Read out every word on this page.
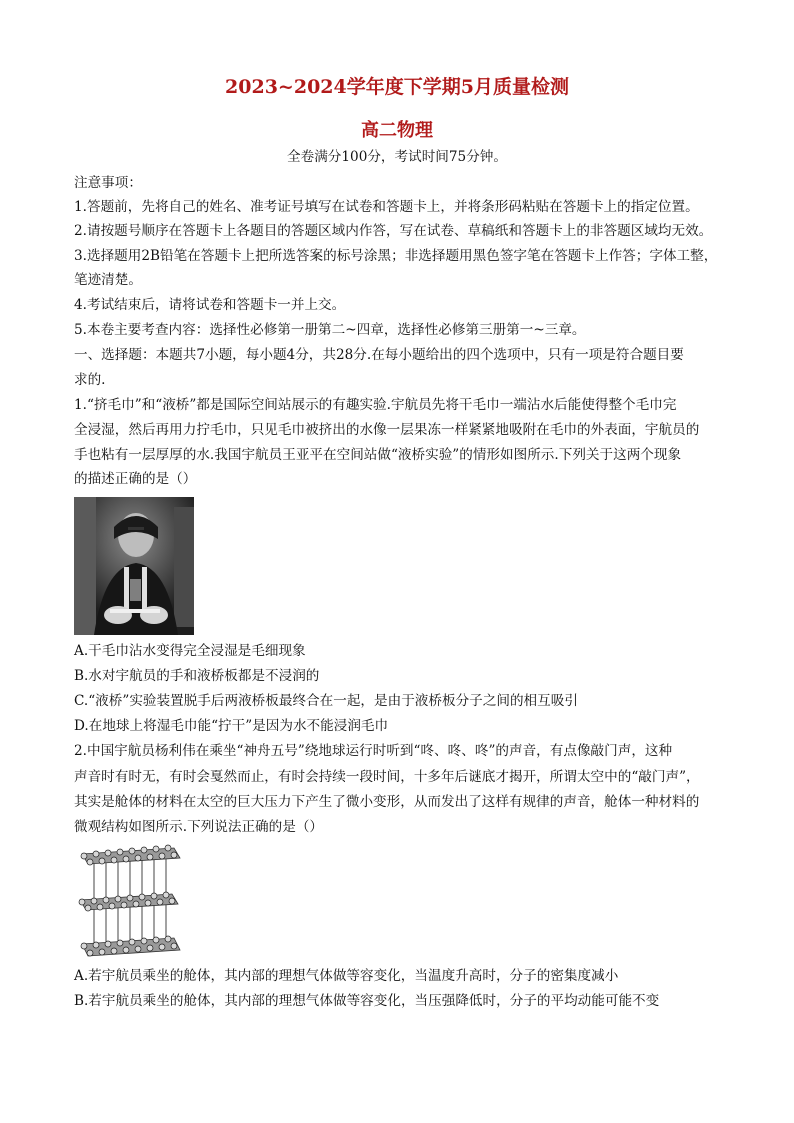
2023~2024学年度下学期5月质量检测
高二物理
全卷满分100分，考试时间75分钟。
注意事项：
1.答题前，先将自己的姓名、准考证号填写在试卷和答题卡上，并将条形码粘贴在答题卡上的指定位置。
2.请按题号顺序在答题卡上各题目的答题区域内作答，写在试卷、草稿纸和答题卡上的非答题区域均无效。
3.选择题用2B铅笔在答题卡上把所选答案的标号涂黑；非选择题用黑色签字笔在答题卡上作答；字体工整，
笔迹清楚。
4.考试结束后，请将试卷和答题卡一并上交。
5.本卷主要考查内容：选择性必修第一册第二~四章，选择性必修第三册第一~三章。
一、选择题：本题共7小题，每小题4分，共28分.在每小题给出的四个选项中，只有一项是符合题目要
求的.
1.“挤毛巾”和“液桥”都是国际空间站展示的有趣实验.宇航员先将干毛巾一端沾水后能使得整个毛巾完
全浸湿，然后再用力拧毛巾，只见毛巾被挤出的水像一层果冻一样紧紧地吸附在毛巾的外表面，宇航员的
手也粘有一层厚厚的水.我国宇航员王亚平在空间站做“液桥实验”的情形如图所示.下列关于这两个现象
的描述正确的是（）
A.干毛巾沾水变得完全浸湿是毛细现象
B.水对宇航员的手和液桥板都是不浸润的
C.“液桥”实验装置脱手后两液桥板最终合在一起，是由于液桥板分子之间的相互吸引
D.在地球上将湿毛巾能“拧干”是因为水不能浸润毛巾
2.中国宇航员杨利伟在乘坐“神舟五号”绕地球运行时听到“咚、咚、咚”的声音，有点像敲门声，这种
声音时有时无，有时会戛然而止，有时会持续一段时间，十多年后谜底才揭开，所谓太空中的“敲门声”，
其实是舱体的材料在太空的巨大压力下产生了微小变形，从而发出了这样有规律的声音，舱体一种材料的
微观结构如图所示.下列说法正确的是（）
A.若宇航员乘坐的舱体，其内部的理想气体做等容变化，当温度升高时，分子的密集度减小
B.若宇航员乘坐的舱体，其内部的理想气体做等容变化，当压强降低时，分子的平均动能可能不变
